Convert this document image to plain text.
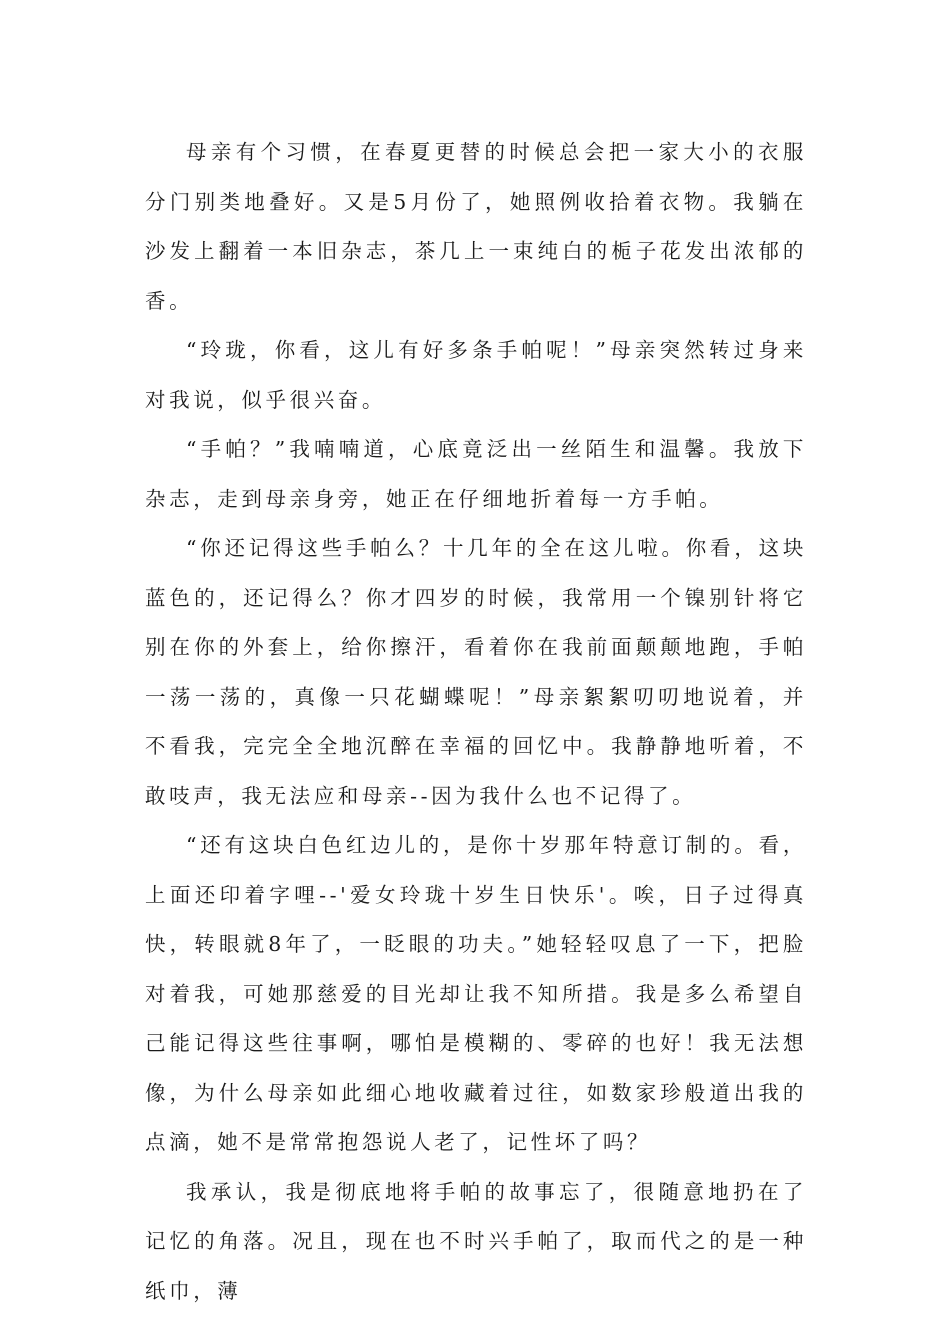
母亲有个习惯，在春夏更替的时候总会把一家大小的衣服分门别类地叠好。又是5月份了，她照例收拾着衣物。我躺在沙发上翻着一本旧杂志，茶几上一束纯白的栀子花发出浓郁的香。

“玲珑，你看，这儿有好多条手帕呢！”母亲突然转过身来对我说，似乎很兴奋。

“手帕？”我喃喃道，心底竟泛出一丝陌生和温馨。我放下杂志，走到母亲身旁，她正在仔细地折着每一方手帕。

“你还记得这些手帕么？十几年的全在这儿啦。你看，这块蓝色的，还记得么？你才四岁的时候，我常用一个镍别针将它别在你的外套上，给你擦汗，看着你在我前面颠颠地跑，手帕一荡一荡的，真像一只花蝴蝶呢！”母亲絮絮叨叨地说着，并不看我，完完全全地沉醉在幸福的回忆中。我静静地听着，不敢吱声，我无法应和母亲--因为我什么也不记得了。

“还有这块白色红边儿的，是你十岁那年特意订制的。看，上面还印着字哩--'爱女玲珑十岁生日快乐'。唉，日子过得真快，转眼就8年了，一眨眼的功夫。”她轻轻叹息了一下，把脸对着我，可她那慈爱的目光却让我不知所措。我是多么希望自己能记得这些往事啊，哪怕是模糊的、零碎的也好！我无法想像，为什么母亲如此细心地收藏着过往，如数家珍般道出我的点滴，她不是常常抱怨说人老了，记性坏了吗？

我承认，我是彻底地将手帕的故事忘了，很随意地扔在了记忆的角落。况且，现在也不时兴手帕了，取而代之的是一种纸巾，薄
